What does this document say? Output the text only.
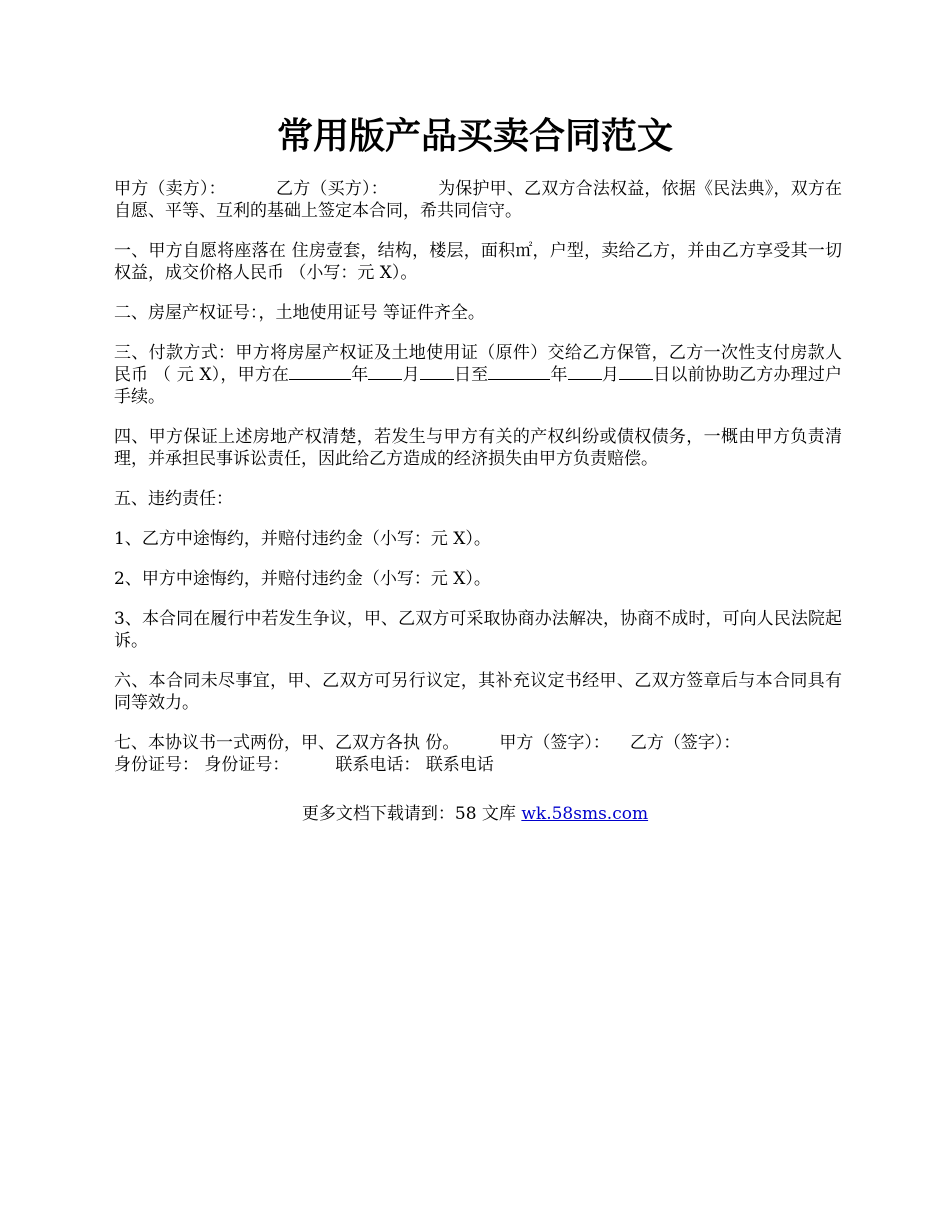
常用版产品买卖合同范文

甲方（卖方）：	乙方（买方）：	为保护甲、乙双方合法权益，依据《民法典》，双方在自愿、平等、互利的基础上签定本合同，希共同信守。

一、甲方自愿将座落在 住房壹套，结构，楼层，面积㎡，户型，卖给乙方，并由乙方享受其一切权益，成交价格人民币 （小写：元 X）。

二、房屋产权证号：，土地使用证号 等证件齐全。

三、付款方式：甲方将房屋产权证及土地使用证（原件）交给乙方保管，乙方一次性支付房款人民币 （ 元 X），甲方在	年 月 日至	年 月 日以前协助乙方办理过户手续。

四、甲方保证上述房地产权清楚，若发生与甲方有关的产权纠纷或债权债务，一概由甲方负责清理，并承担民事诉讼责任，因此给乙方造成的经济损失由甲方负责赔偿。

五、违约责任：

1、乙方中途悔约，并赔付违约金（小写：元 X）。

2、甲方中途悔约，并赔付违约金（小写：元 X）。

3、本合同在履行中若发生争议，甲、乙双方可采取协商办法解决，协商不成时，可向人民法院起诉。

六、本合同未尽事宜，甲、乙双方可另行议定，其补充议定书经甲、乙双方签章后与本合同具有同等效力。

七、本协议书一式两份，甲、乙双方各执 份。 甲方（签字）： 乙方（签字）：
身份证号： 身份证号：	联系电话： 联系电话

更多文档下载请到：58 文库 wk.58sms.com
